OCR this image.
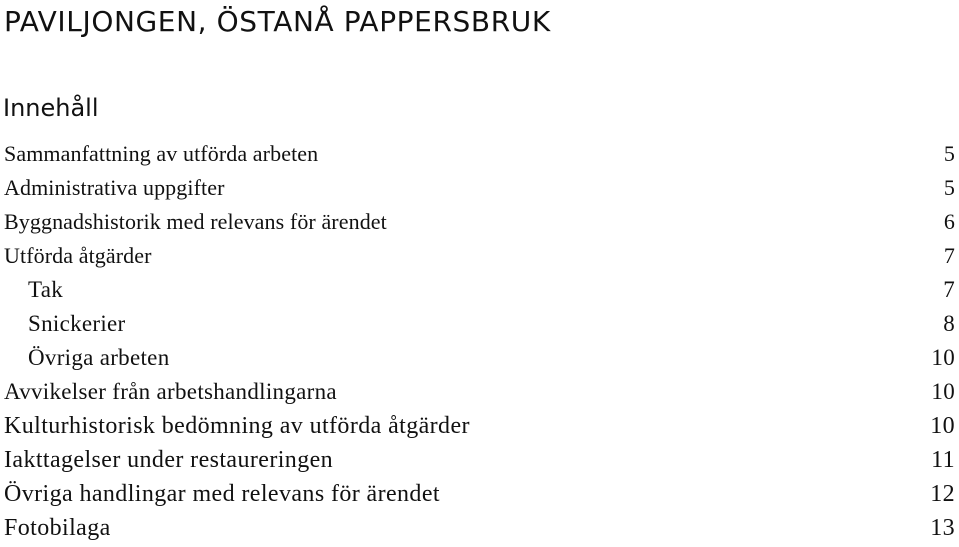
PAVILJONGEN, ÖSTANÅ PAPPERSBRUK
Innehåll
Sammanfattning av utförda arbeten	5
Administrativa uppgifter	5
Byggnadshistorik med relevans för ärendet	6
Utförda åtgärder	7
Tak	7
Snickerier	8
Övriga arbeten	10
Avvikelser från arbetshandlingarna	10
Kulturhistorisk bedömning av utförda åtgärder	10
Iakttagelser under restaureringen	11
Övriga handlingar med relevans för ärendet	12
Fotobilaga	13
